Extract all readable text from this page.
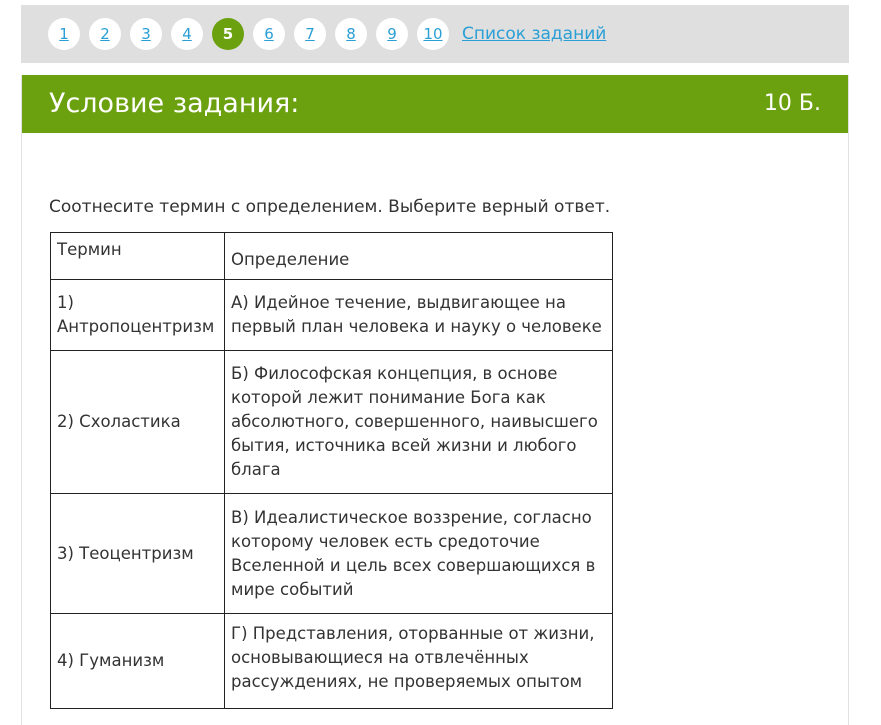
1	2	3	4	5	6	7	8	9	10	Список заданий
Условие задания:	10 Б.
Соотнесите термин с определением. Выберите верный ответ.
Термин	Определение
1) Антропоцентризм	А) Идейное течение, выдвигающее на первый план человека и науку о человеке
2) Схоластика	Б) Философская концепция, в основе которой лежит понимание Бога как абсолютного, совершенного, наивысшего бытия, источника всей жизни и любого блага
3) Теоцентризм	В) Идеалистическое воззрение, согласно которому человек есть средоточие Вселенной и цель всех совершающихся в мире событий
4) Гуманизм	Г) Представления, оторванные от жизни, основывающиеся на отвлечённых рассуждениях, не проверяемых опытом
